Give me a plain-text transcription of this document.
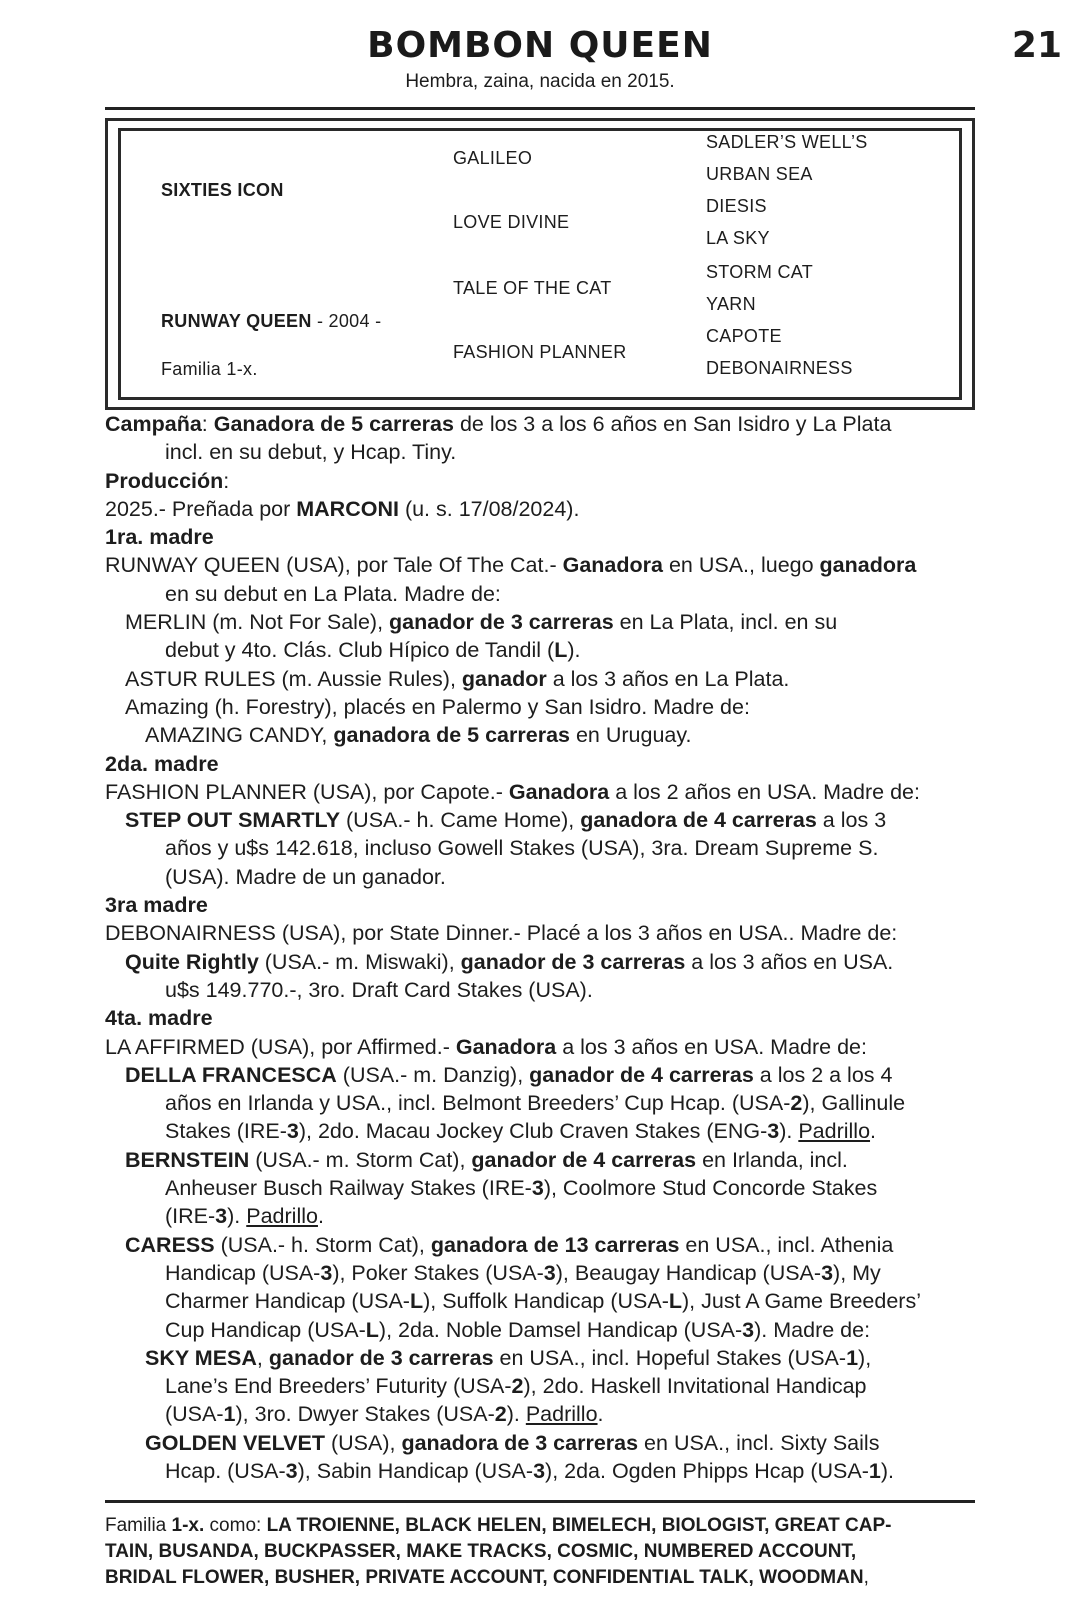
BOMBON QUEEN	21
Hembra, zaina, nacida en 2015.
SIXTIES ICON
RUNWAY QUEEN - 2004 -
Familia 1-x.
GALILEO
LOVE DIVINE
TALE OF THE CAT
FASHION PLANNER
SADLER’S WELL’S
URBAN SEA
DIESIS
LA SKY
STORM CAT
YARN
CAPOTE
DEBONAIRNESS
Campaña: Ganadora de 5 carreras de los 3 a los 6 años en San Isidro y La Plata
incl. en su debut, y Hcap. Tiny.
Producción:
2025.- Preñada por MARCONI (u. s. 17/08/2024).
1ra. madre
RUNWAY QUEEN (USA), por Tale Of The Cat.- Ganadora en USA., luego ganadora
en su debut en La Plata. Madre de:
MERLIN (m. Not For Sale), ganador de 3 carreras en La Plata, incl. en su
debut y 4to. Clás. Club Hípico de Tandil (L).
ASTUR RULES (m. Aussie Rules), ganador a los 3 años en La Plata.
Amazing (h. Forestry), placés en Palermo y San Isidro. Madre de:
AMAZING CANDY, ganadora de 5 carreras en Uruguay.
2da. madre
FASHION PLANNER (USA), por Capote.- Ganadora a los 2 años en USA. Madre de:
STEP OUT SMARTLY (USA.- h. Came Home), ganadora de 4 carreras a los 3
años y u$s 142.618, incluso Gowell Stakes (USA), 3ra. Dream Supreme S.
(USA). Madre de un ganador.
3ra madre
DEBONAIRNESS (USA), por State Dinner.- Placé a los 3 años en USA.. Madre de:
Quite Rightly (USA.- m. Miswaki), ganador de 3 carreras a los 3 años en USA.
u$s 149.770.-, 3ro. Draft Card Stakes (USA).
4ta. madre
LA AFFIRMED (USA), por Affirmed.- Ganadora a los 3 años en USA. Madre de:
DELLA FRANCESCA (USA.- m. Danzig), ganador de 4 carreras a los 2 a los 4
años en Irlanda y USA., incl. Belmont Breeders’ Cup Hcap. (USA-2), Gallinule
Stakes (IRE-3), 2do. Macau Jockey Club Craven Stakes (ENG-3). Padrillo.
BERNSTEIN (USA.- m. Storm Cat), ganador de 4 carreras en Irlanda, incl.
Anheuser Busch Railway Stakes (IRE-3), Coolmore Stud Concorde Stakes
(IRE-3). Padrillo.
CARESS (USA.- h. Storm Cat), ganadora de 13 carreras en USA., incl. Athenia
Handicap (USA-3), Poker Stakes (USA-3), Beaugay Handicap (USA-3), My
Charmer Handicap (USA-L), Suffolk Handicap (USA-L), Just A Game Breeders’
Cup Handicap (USA-L), 2da. Noble Damsel Handicap (USA-3). Madre de:
SKY MESA, ganador de 3 carreras en USA., incl. Hopeful Stakes (USA-1),
Lane’s End Breeders’ Futurity (USA-2), 2do. Haskell Invitational Handicap
(USA-1), 3ro. Dwyer Stakes (USA-2). Padrillo.
GOLDEN VELVET (USA), ganadora de 3 carreras en USA., incl. Sixty Sails
Hcap. (USA-3), Sabin Handicap (USA-3), 2da. Ogden Phipps Hcap (USA-1).
Familia 1-x. como: LA TROIENNE, BLACK HELEN, BIMELECH, BIOLOGIST, GREAT CAP-
TAIN, BUSANDA, BUCKPASSER, MAKE TRACKS, COSMIC, NUMBERED ACCOUNT,
BRIDAL FLOWER, BUSHER, PRIVATE ACCOUNT, CONFIDENTIAL TALK, WOODMAN,
